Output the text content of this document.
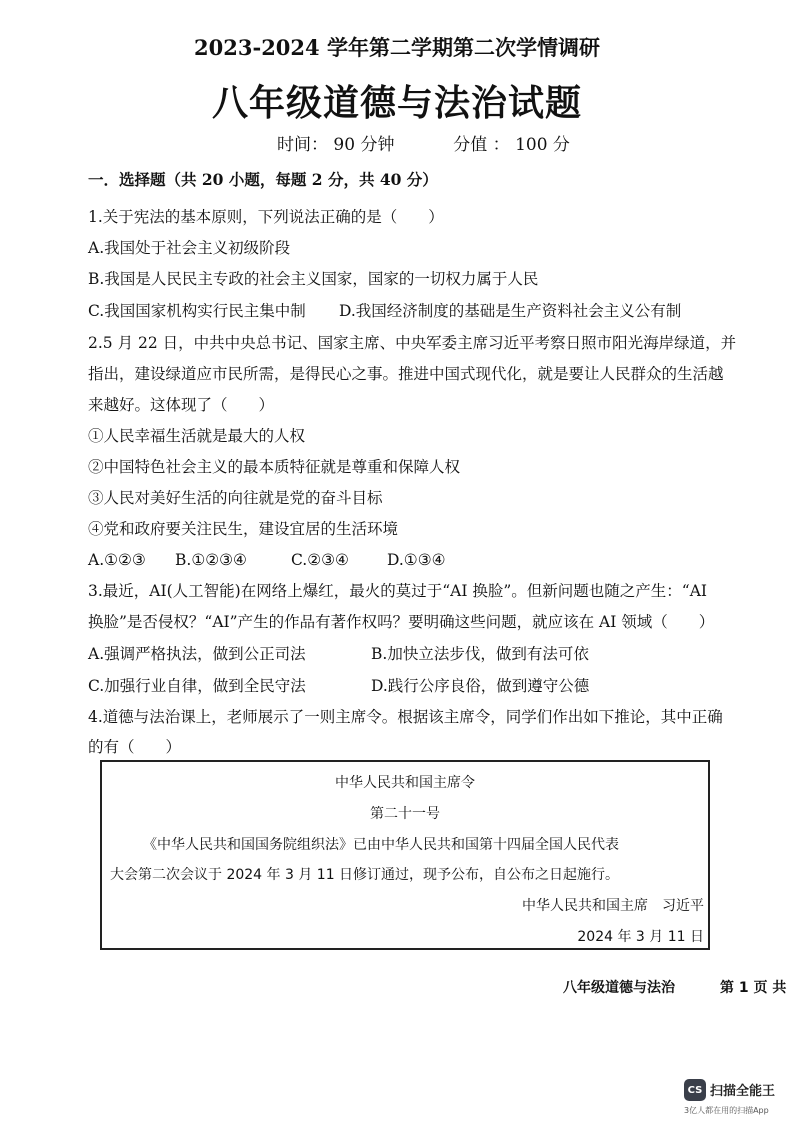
2023-2024 学年第二学期第二次学情调研
八年级道德与法治试题
时间： 90 分钟	分值 ： 100 分
一．选择题（共 20 小题，每题 2 分，共 40 分）
1.关于宪法的基本原则，下列说法正确的是（　　）
A.我国处于社会主义初级阶段
B.我国是人民民主专政的社会主义国家，国家的一切权力属于人民
C.我国国家机构实行民主集中制 D.我国经济制度的基础是生产资料社会主义公有制
2.5 月 22 日，中共中央总书记、国家主席、中央军委主席习近平考察日照市阳光海岸绿道，并
指出，建设绿道应市民所需，是得民心之事。推进中国式现代化，就是要让人民群众的生活越
来越好。这体现了（　　）
①人民幸福生活就是最大的人权
②中国特色社会主义的最本质特征就是尊重和保障人权
③人民对美好生活的向往就是党的奋斗目标
④党和政府要关注民生，建设宜居的生活环境
A.①②③ B.①②③④	C.②③④ D.①③④
3.最近，AI(人工智能)在网络上爆红，最火的莫过于“AI 换脸”。但新问题也随之产生：“AI
换脸”是否侵权？“AI”产生的作品有著作权吗？要明确这些问题，就应该在 AI 领域（　　）
A.强调严格执法，做到公正司法	B.加快立法步伐，做到有法可依
C.加强行业自律，做到全民守法	D.践行公序良俗，做到遵守公德
4.道德与法治课上，老师展示了一则主席令。根据该主席令，同学们作出如下推论，其中正确
的有（　　）
中华人民共和国主席令
第二十一号
《中华人民共和国国务院组织法》已由中华人民共和国第十四届全国人民代表
大会第二次会议于 2024 年 3 月 11 日修订通过，现予公布，自公布之日起施行。
中华人民共和国主席　习近平
2024 年 3 月 11 日
八年级道德与法治	第 1 页 共
CS 扫描全能王
3亿人都在用的扫描App
